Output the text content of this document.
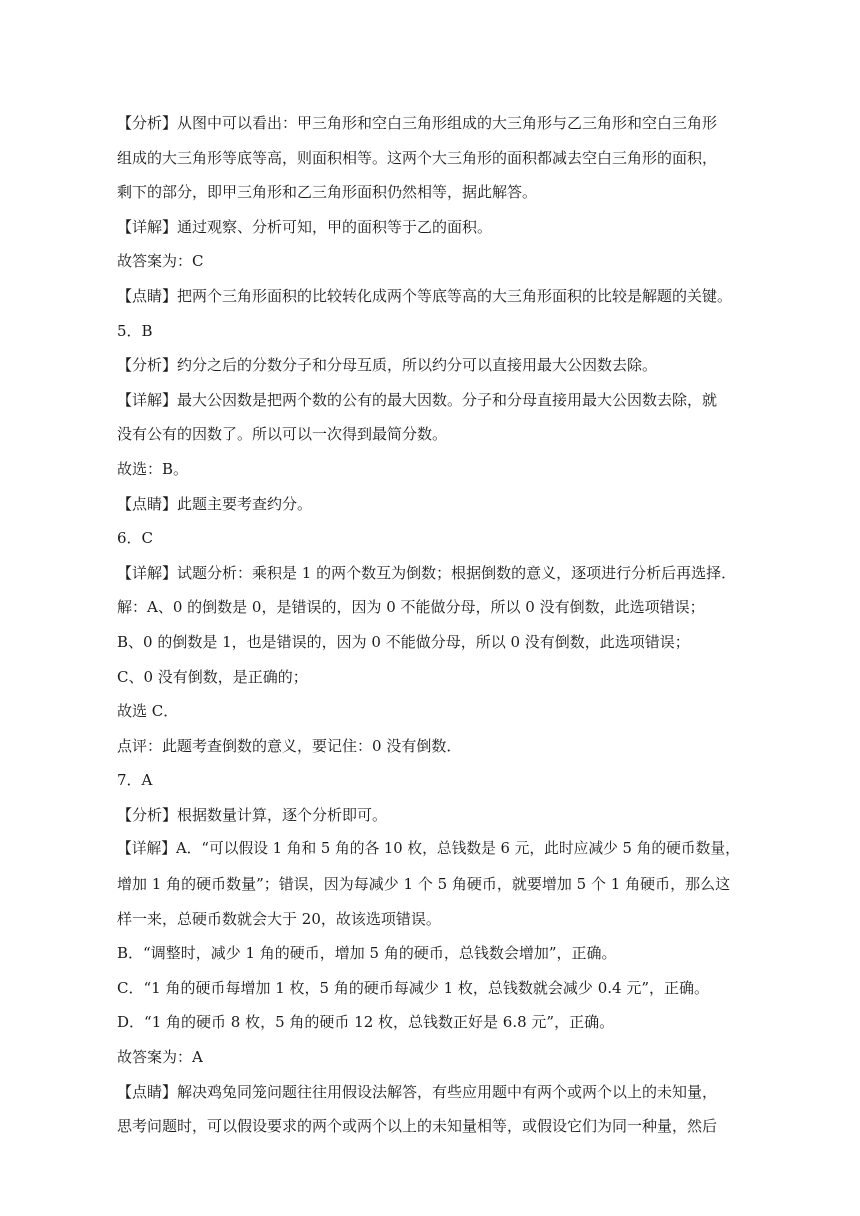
【分析】从图中可以看出：甲三角形和空白三角形组成的大三角形与乙三角形和空白三角形
组成的大三角形等底等高，则面积相等。这两个大三角形的面积都减去空白三角形的面积，
剩下的部分，即甲三角形和乙三角形面积仍然相等，据此解答。
【详解】通过观察、分析可知，甲的面积等于乙的面积。
故答案为：C
【点睛】把两个三角形面积的比较转化成两个等底等高的大三角形面积的比较是解题的关键。
5．B
【分析】约分之后的分数分子和分母互质，所以约分可以直接用最大公因数去除。
【详解】最大公因数是把两个数的公有的最大因数。分子和分母直接用最大公因数去除，就
没有公有的因数了。所以可以一次得到最简分数。
故选：B。
【点睛】此题主要考查约分。
6．C
【详解】试题分析：乘积是 1 的两个数互为倒数；根据倒数的意义，逐项进行分析后再选择．
解：A、0 的倒数是 0，是错误的，因为 0 不能做分母，所以 0 没有倒数，此选项错误；
B、0 的倒数是 1，也是错误的，因为 0 不能做分母，所以 0 没有倒数，此选项错误；
C、0 没有倒数，是正确的；
故选 C．
点评：此题考查倒数的意义，要记住：0 没有倒数．
7．A
【分析】根据数量计算，逐个分析即可。
【详解】A．“可以假设 1 角和 5 角的各 10 枚，总钱数是 6 元，此时应减少 5 角的硬币数量，
增加 1 角的硬币数量”；错误，因为每减少 1 个 5 角硬币，就要增加 5 个 1 角硬币，那么这
样一来，总硬币数就会大于 20，故该选项错误。
B．“调整时，减少 1 角的硬币，增加 5 角的硬币，总钱数会增加”，正确。
C．“1 角的硬币每增加 1 枚，5 角的硬币每减少 1 枚，总钱数就会减少 0.4 元”，正确。
D．“1 角的硬币 8 枚，5 角的硬币 12 枚，总钱数正好是 6.8 元”，正确。
故答案为：A
【点睛】解决鸡兔同笼问题往往用假设法解答，有些应用题中有两个或两个以上的未知量，
思考问题时，可以假设要求的两个或两个以上的未知量相等，或假设它们为同一种量，然后
